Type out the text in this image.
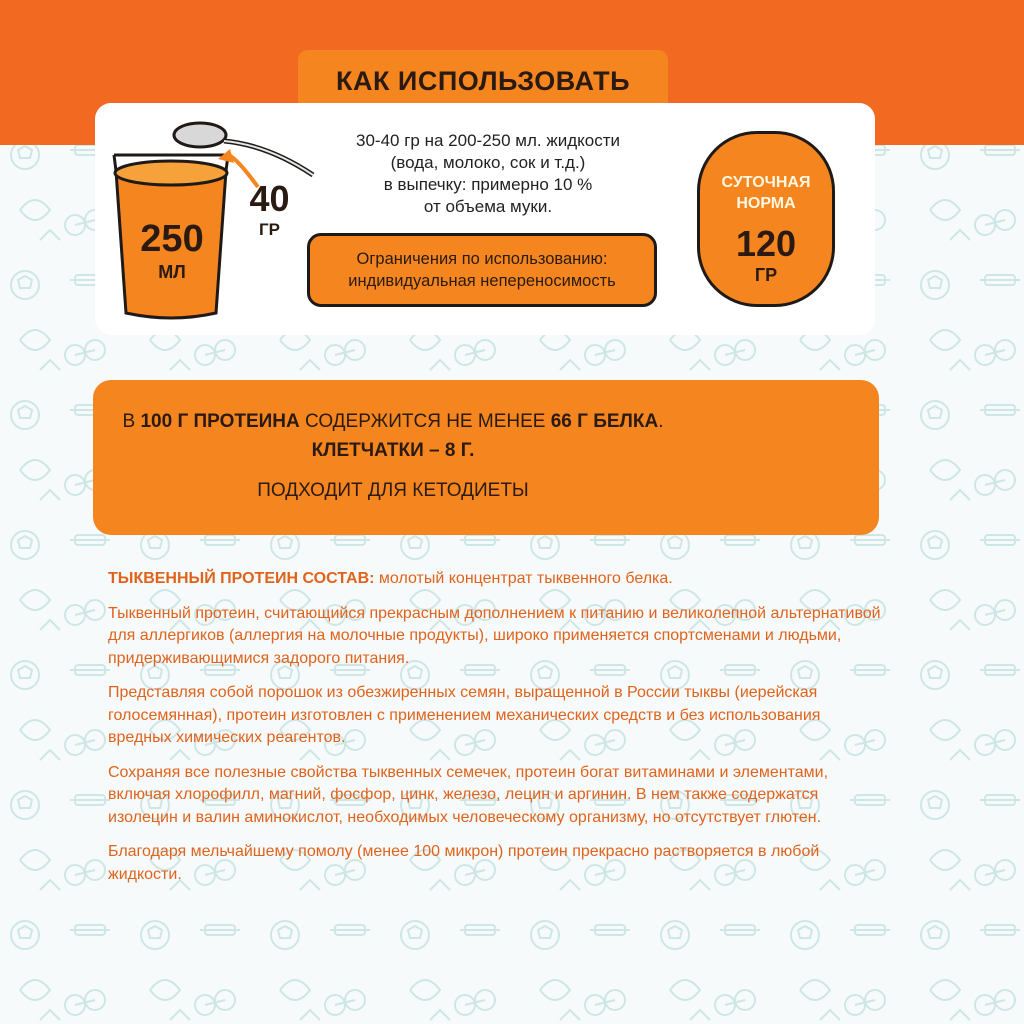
КАК ИСПОЛЬЗОВАТЬ
250
МЛ
40
ГР
30-40 гр на 200-250 мл. жидкости
(вода, молоко, сок и т.д.)
в выпечку: примерно 10 %
от объема муки.
Ограничения по использованию:
индивидуальная непереносимость
СУТОЧНАЯ
НОРМА
120
ГР
В 100 Г ПРОТЕИНА СОДЕРЖИТСЯ НЕ МЕНЕЕ 66 Г БЕЛКА.
КЛЕТЧАТКИ – 8 Г.
ПОДХОДИТ ДЛЯ КЕТОДИЕТЫ

ТЫКВЕННЫЙ ПРОТЕИН СОСТАВ: молотый концентрат тыквенного белка.

Тыквенный протеин, считающийся прекрасным дополнением к питанию и великолепной альтернативой для аллергиков (аллергия на молочные продукты), широко применяется спортсменами и людьми, придерживающимися задорого питания.

Представляя собой порошок из обезжиренных семян, выращенной в России тыквы (иерейская голосемянная), протеин изготовлен с применением механических средств и без использования вредных химических реагентов.

Сохраняя все полезные свойства тыквенных семечек, протеин богат витаминами и элементами, включая хлорофилл, магний, фосфор, цинк, железо, лецин и аргинин. В нем также содержатся изолецин и валин аминокислот, необходимых человеческому организму, но отсутствует глютен.

Благодаря мельчайшему помолу (менее 100 микрон) протеин прекрасно растворяется в любой жидкости.
